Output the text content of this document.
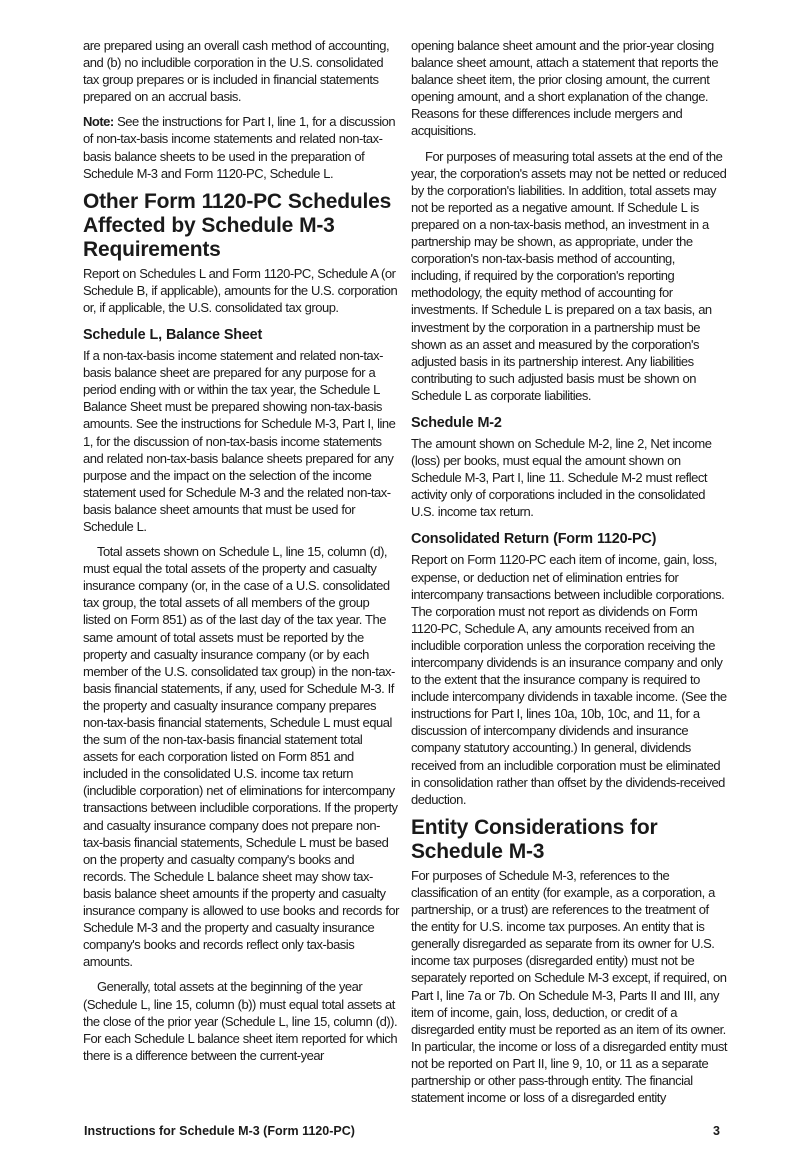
are prepared using an overall cash method of accounting, and (b) no includible corporation in the U.S. consolidated tax group prepares or is included in financial statements prepared on an accrual basis.

Note: See the instructions for Part I, line 1, for a discussion of non-tax-basis income statements and related non-tax-basis balance sheets to be used in the preparation of Schedule M-3 and Form 1120-PC, Schedule L.

Other Form 1120-PC Schedules Affected by Schedule M-3 Requirements

Report on Schedules L and Form 1120-PC, Schedule A (or Schedule B, if applicable), amounts for the U.S. corporation or, if applicable, the U.S. consolidated tax group.

Schedule L, Balance Sheet

If a non-tax-basis income statement and related non-tax-basis balance sheet are prepared for any purpose for a period ending with or within the tax year, the Schedule L Balance Sheet must be prepared showing non-tax-basis amounts. See the instructions for Schedule M-3, Part I, line 1, for the discussion of non-tax-basis income statements and related non-tax-basis balance sheets prepared for any purpose and the impact on the selection of the income statement used for Schedule M-3 and the related non-tax-basis balance sheet amounts that must be used for Schedule L.

Total assets shown on Schedule L, line 15, column (d), must equal the total assets of the property and casualty insurance company (or, in the case of a U.S. consolidated tax group, the total assets of all members of the group listed on Form 851) as of the last day of the tax year. The same amount of total assets must be reported by the property and casualty insurance company (or by each member of the U.S. consolidated tax group) in the non-tax-basis financial statements, if any, used for Schedule M-3. If the property and casualty insurance company prepares non-tax-basis financial statements, Schedule L must equal the sum of the non-tax-basis financial statement total assets for each corporation listed on Form 851 and included in the consolidated U.S. income tax return (includible corporation) net of eliminations for intercompany transactions between includible corporations. If the property and casualty insurance company does not prepare non-tax-basis financial statements, Schedule L must be based on the property and casualty company's books and records. The Schedule L balance sheet may show tax-basis balance sheet amounts if the property and casualty insurance company is allowed to use books and records for Schedule M-3 and the property and casualty insurance company's books and records reflect only tax-basis amounts.

Generally, total assets at the beginning of the year (Schedule L, line 15, column (b)) must equal total assets at the close of the prior year (Schedule L, line 15, column (d)). For each Schedule L balance sheet item reported for which there is a difference between the current-year

opening balance sheet amount and the prior-year closing balance sheet amount, attach a statement that reports the balance sheet item, the prior closing amount, the current opening amount, and a short explanation of the change. Reasons for these differences include mergers and acquisitions.

For purposes of measuring total assets at the end of the year, the corporation's assets may not be netted or reduced by the corporation's liabilities. In addition, total assets may not be reported as a negative amount. If Schedule L is prepared on a non-tax-basis method, an investment in a partnership may be shown, as appropriate, under the corporation's non-tax-basis method of accounting, including, if required by the corporation's reporting methodology, the equity method of accounting for investments. If Schedule L is prepared on a tax basis, an investment by the corporation in a partnership must be shown as an asset and measured by the corporation's adjusted basis in its partnership interest. Any liabilities contributing to such adjusted basis must be shown on Schedule L as corporate liabilities.

Schedule M-2

The amount shown on Schedule M-2, line 2, Net income (loss) per books, must equal the amount shown on Schedule M-3, Part I, line 11. Schedule M-2 must reflect activity only of corporations included in the consolidated U.S. income tax return.

Consolidated Return (Form 1120-PC)

Report on Form 1120-PC each item of income, gain, loss, expense, or deduction net of elimination entries for intercompany transactions between includible corporations. The corporation must not report as dividends on Form 1120-PC, Schedule A, any amounts received from an includible corporation unless the corporation receiving the intercompany dividends is an insurance company and only to the extent that the insurance company is required to include intercompany dividends in taxable income. (See the instructions for Part I, lines 10a, 10b, 10c, and 11, for a discussion of intercompany dividends and insurance company statutory accounting.) In general, dividends received from an includible corporation must be eliminated in consolidation rather than offset by the dividends-received deduction.

Entity Considerations for Schedule M-3

For purposes of Schedule M-3, references to the classification of an entity (for example, as a corporation, a partnership, or a trust) are references to the treatment of the entity for U.S. income tax purposes. An entity that is generally disregarded as separate from its owner for U.S. income tax purposes (disregarded entity) must not be separately reported on Schedule M-3 except, if required, on Part I, line 7a or 7b. On Schedule M-3, Parts II and III, any item of income, gain, loss, deduction, or credit of a disregarded entity must be reported as an item of its owner. In particular, the income or loss of a disregarded entity must not be reported on Part II, line 9, 10, or 11 as a separate partnership or other pass-through entity. The financial statement income or loss of a disregarded entity

Instructions for Schedule M-3 (Form 1120-PC)	3
